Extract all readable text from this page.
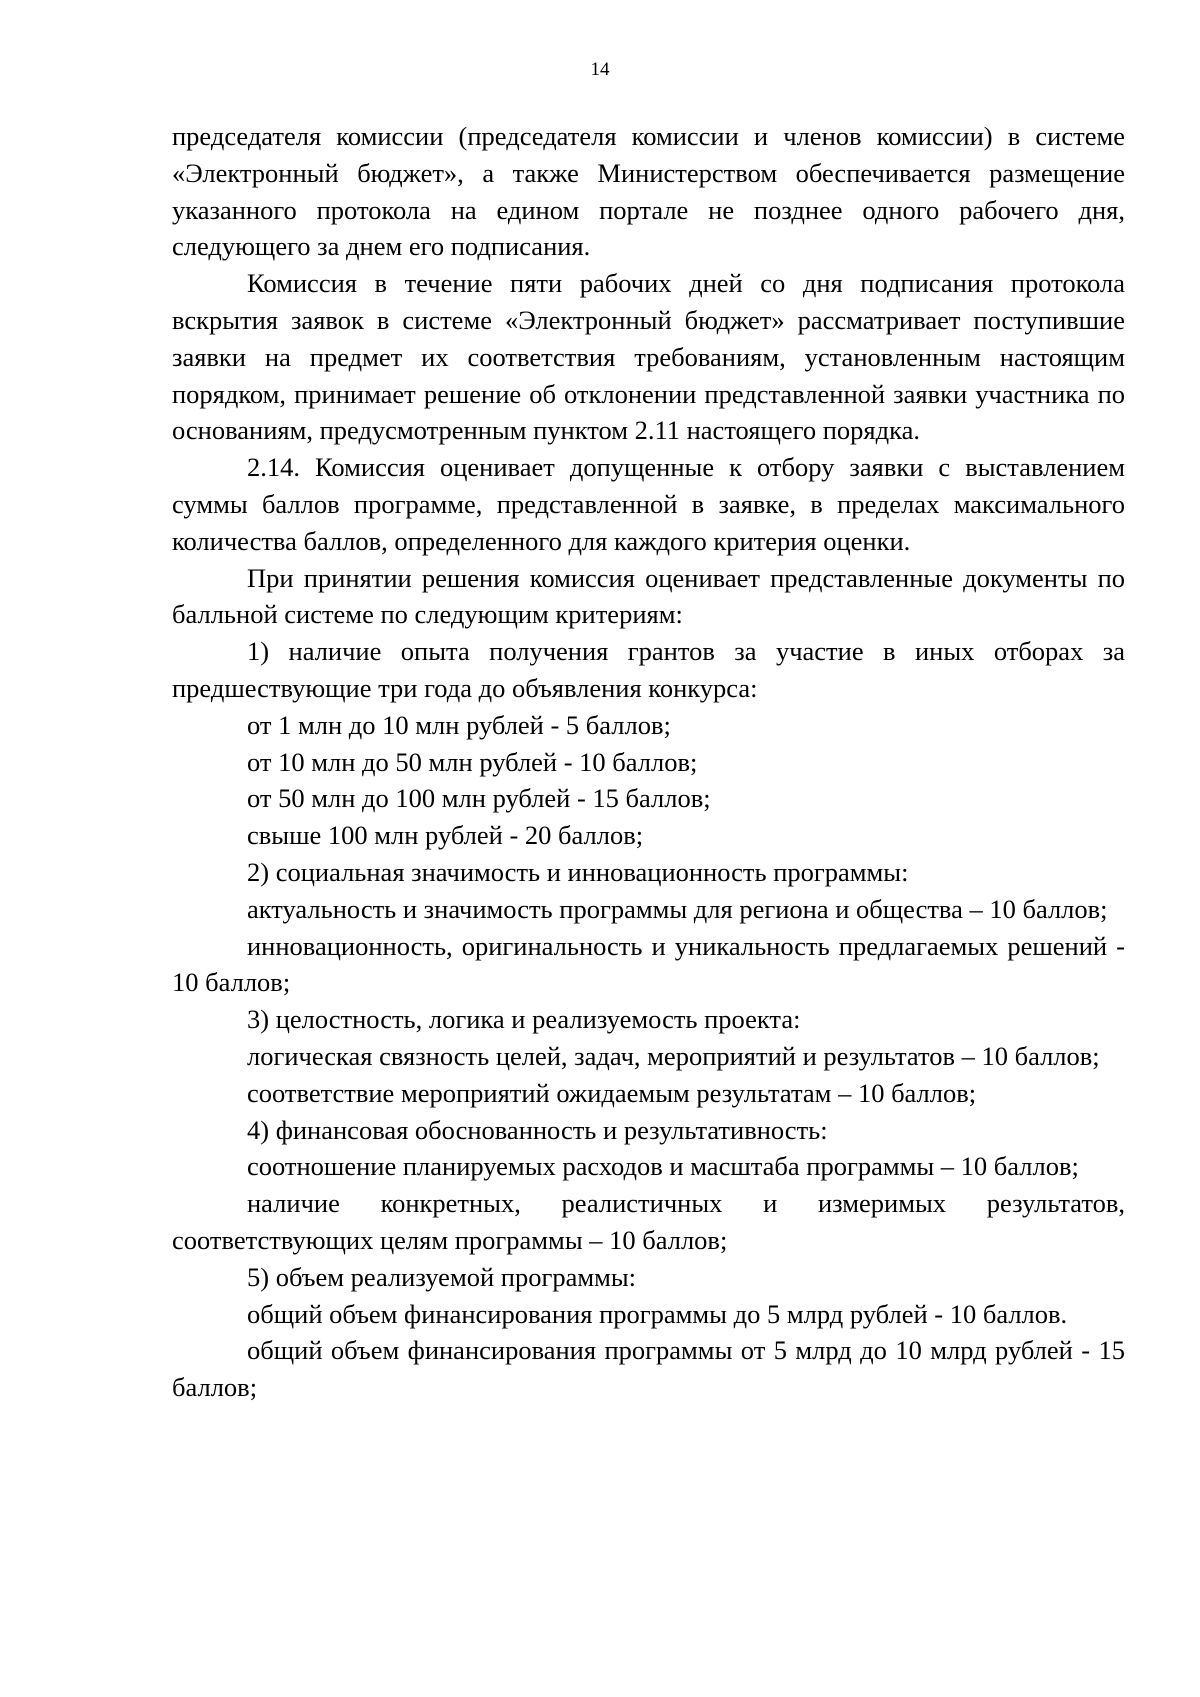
14

председателя комиссии (председателя комиссии и членов комиссии) в системе «Электронный бюджет», а также Министерством обеспечивается размещение указанного протокола на едином портале не позднее одного рабочего дня, следующего за днем его подписания.

Комиссия в течение пяти рабочих дней со дня подписания протокола вскрытия заявок в системе «Электронный бюджет» рассматривает поступившие заявки на предмет их соответствия требованиям, установленным настоящим порядком, принимает решение об отклонении представленной заявки участника по основаниям, предусмотренным пунктом 2.11 настоящего порядка.

2.14. Комиссия оценивает допущенные к отбору заявки с выставлением суммы баллов программе, представленной в заявке, в пределах максимального количества баллов, определенного для каждого критерия оценки.

При принятии решения комиссия оценивает представленные документы по балльной системе по следующим критериям:

1) наличие опыта получения грантов за участие в иных отборах за предшествующие три года до объявления конкурса:

от 1 млн до 10 млн рублей - 5 баллов;

от 10 млн до 50 млн рублей - 10 баллов;

от 50 млн до 100 млн рублей - 15 баллов;

свыше 100 млн рублей - 20 баллов;

2) социальная значимость и инновационность программы:

актуальность и значимость программы для региона и общества – 10 баллов;

инновационность, оригинальность и уникальность предлагаемых решений - 10 баллов;

3) целостность, логика и реализуемость проекта:

логическая связность целей, задач, мероприятий и результатов – 10 баллов;

соответствие мероприятий ожидаемым результатам – 10 баллов;

4) финансовая обоснованность и результативность:

соотношение планируемых расходов и масштаба программы – 10 баллов;

наличие конкретных, реалистичных и измеримых результатов, соответствующих целям программы – 10 баллов;

5) объем реализуемой программы:

общий объем финансирования программы до 5 млрд рублей - 10 баллов.

общий объем финансирования программы от 5 млрд до 10 млрд рублей - 15 баллов;
